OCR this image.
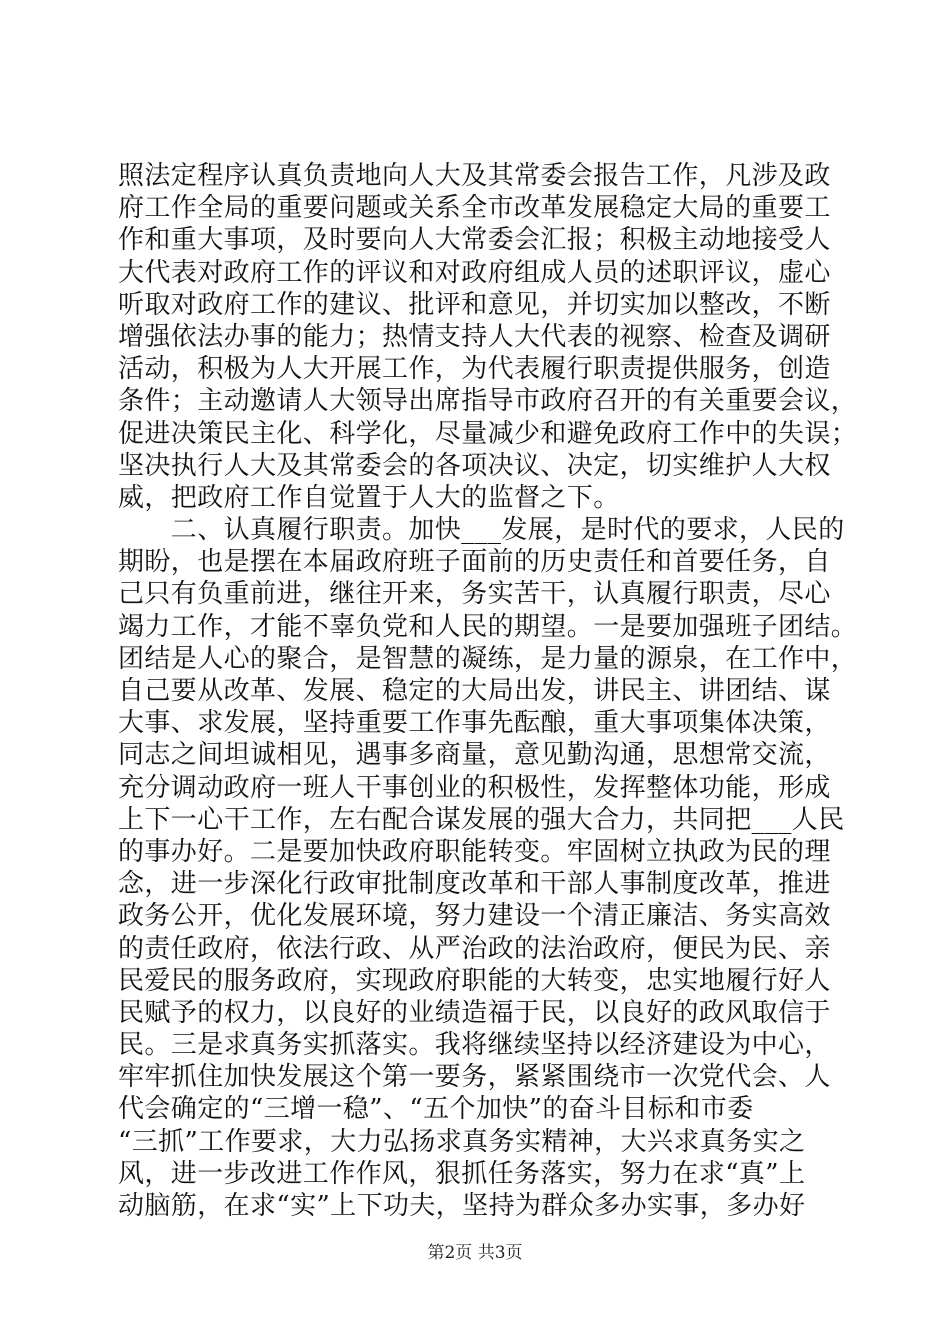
照法定程序认真负责地向人大及其常委会报告工作，凡涉及政
府工作全局的重要问题或关系全市改革发展稳定大局的重要工
作和重大事项，及时要向人大常委会汇报；积极主动地接受人
大代表对政府工作的评议和对政府组成人员的述职评议，虚心
听取对政府工作的建议、批评和意见，并切实加以整改，不断
增强依法办事的能力；热情支持人大代表的视察、检查及调研
活动，积极为人大开展工作，为代表履行职责提供服务，创造
条件；主动邀请人大领导出席指导市政府召开的有关重要会议，
促进决策民主化、科学化，尽量减少和避免政府工作中的失误；
坚决执行人大及其常委会的各项决议、决定，切实维护人大权
威，把政府工作自觉置于人大的监督之下。
　　二、认真履行职责。加快___发展，是时代的要求，人民的
期盼，也是摆在本届政府班子面前的历史责任和首要任务，自
己只有负重前进，继往开来，务实苦干，认真履行职责，尽心
竭力工作，才能不辜负党和人民的期望。一是要加强班子团结。
团结是人心的聚合，是智慧的凝练，是力量的源泉，在工作中，
自己要从改革、发展、稳定的大局出发，讲民主、讲团结、谋
大事、求发展，坚持重要工作事先酝酿，重大事项集体决策，
同志之间坦诚相见，遇事多商量，意见勤沟通，思想常交流，
充分调动政府一班人干事创业的积极性，发挥整体功能，形成
上下一心干工作，左右配合谋发展的强大合力，共同把___人民
的事办好。二是要加快政府职能转变。牢固树立执政为民的理
念，进一步深化行政审批制度改革和干部人事制度改革，推进
政务公开，优化发展环境，努力建设一个清正廉洁、务实高效
的责任政府，依法行政、从严治政的法治政府，便民为民、亲
民爱民的服务政府，实现政府职能的大转变，忠实地履行好人
民赋予的权力，以良好的业绩造福于民，以良好的政风取信于
民。三是求真务实抓落实。我将继续坚持以经济建设为中心，
牢牢抓住加快发展这个第一要务，紧紧围绕市一次党代会、人
代会确定的“三增一稳”、“五个加快”的奋斗目标和市委
“三抓”工作要求，大力弘扬求真务实精神，大兴求真务实之
风，进一步改进工作作风，狠抓任务落实，努力在求“真”上
动脑筋，在求“实”上下功夫，坚持为群众多办实事，多办好
第2页 共3页
